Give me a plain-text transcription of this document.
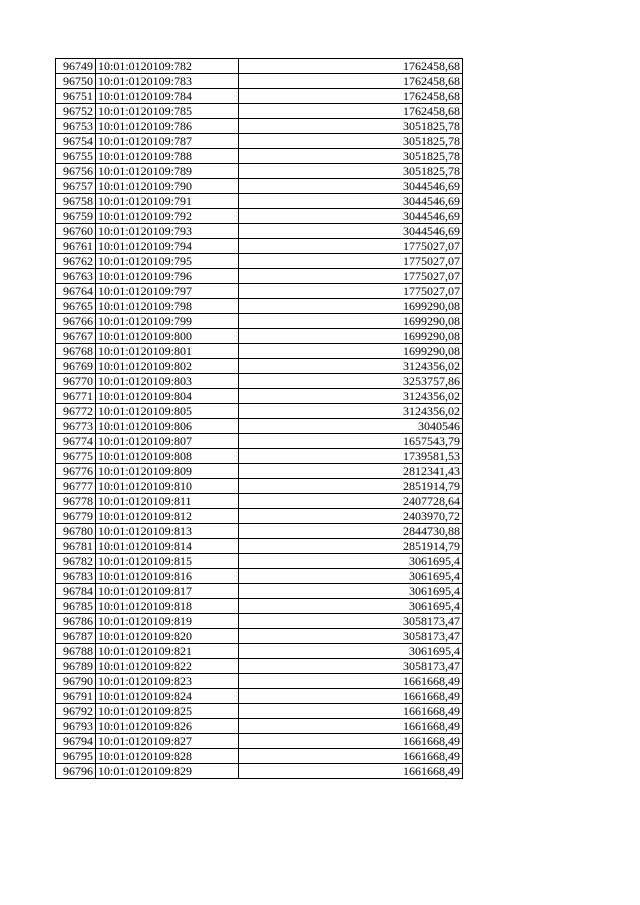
96749	10:01:0120109:782	1762458,68
96750	10:01:0120109:783	1762458,68
96751	10:01:0120109:784	1762458,68
96752	10:01:0120109:785	1762458,68
96753	10:01:0120109:786	3051825,78
96754	10:01:0120109:787	3051825,78
96755	10:01:0120109:788	3051825,78
96756	10:01:0120109:789	3051825,78
96757	10:01:0120109:790	3044546,69
96758	10:01:0120109:791	3044546,69
96759	10:01:0120109:792	3044546,69
96760	10:01:0120109:793	3044546,69
96761	10:01:0120109:794	1775027,07
96762	10:01:0120109:795	1775027,07
96763	10:01:0120109:796	1775027,07
96764	10:01:0120109:797	1775027,07
96765	10:01:0120109:798	1699290,08
96766	10:01:0120109:799	1699290,08
96767	10:01:0120109:800	1699290,08
96768	10:01:0120109:801	1699290,08
96769	10:01:0120109:802	3124356,02
96770	10:01:0120109:803	3253757,86
96771	10:01:0120109:804	3124356,02
96772	10:01:0120109:805	3124356,02
96773	10:01:0120109:806	3040546
96774	10:01:0120109:807	1657543,79
96775	10:01:0120109:808	1739581,53
96776	10:01:0120109:809	2812341,43
96777	10:01:0120109:810	2851914,79
96778	10:01:0120109:811	2407728,64
96779	10:01:0120109:812	2403970,72
96780	10:01:0120109:813	2844730,88
96781	10:01:0120109:814	2851914,79
96782	10:01:0120109:815	3061695,4
96783	10:01:0120109:816	3061695,4
96784	10:01:0120109:817	3061695,4
96785	10:01:0120109:818	3061695,4
96786	10:01:0120109:819	3058173,47
96787	10:01:0120109:820	3058173,47
96788	10:01:0120109:821	3061695,4
96789	10:01:0120109:822	3058173,47
96790	10:01:0120109:823	1661668,49
96791	10:01:0120109:824	1661668,49
96792	10:01:0120109:825	1661668,49
96793	10:01:0120109:826	1661668,49
96794	10:01:0120109:827	1661668,49
96795	10:01:0120109:828	1661668,49
96796	10:01:0120109:829	1661668,49
